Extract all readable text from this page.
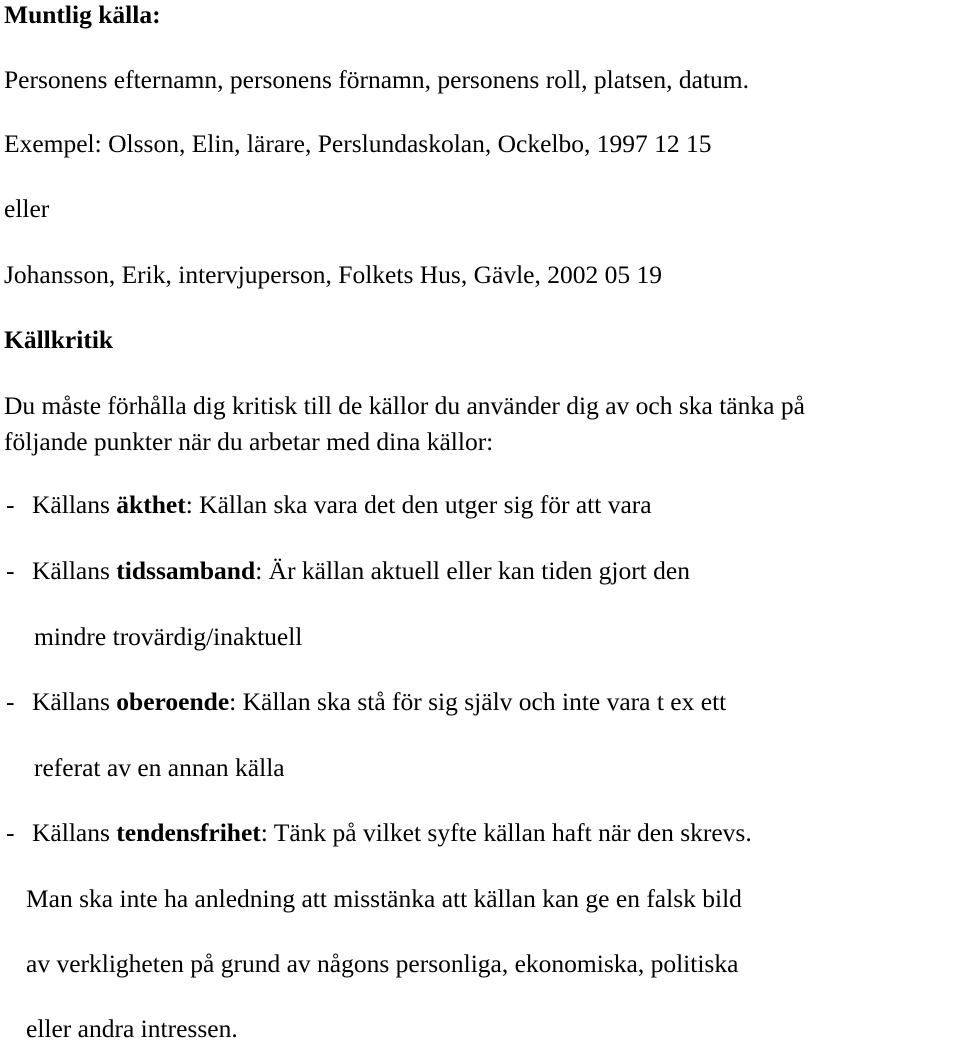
Muntlig källa:
Personens efternamn, personens förnamn, personens roll, platsen, datum.
Exempel: Olsson, Elin, lärare, Perslundaskolan, Ockelbo, 1997 12 15
eller
Johansson, Erik, intervjuperson, Folkets Hus, Gävle, 2002 05 19
Källkritik
Du måste förhålla dig kritisk till de källor du använder dig av och ska tänka på
följande punkter när du arbetar med dina källor:
- Källans äkthet: Källan ska vara det den utger sig för att vara
- Källans tidssamband: Är källan aktuell eller kan tiden gjort den
mindre trovärdig/inaktuell
- Källans oberoende: Källan ska stå för sig själv och inte vara t ex ett
referat av en annan källa
- Källans tendensfrihet: Tänk på vilket syfte källan haft när den skrevs.
Man ska inte ha anledning att misstänka att källan kan ge en falsk bild
av verkligheten på grund av någons personliga, ekonomiska, politiska
eller andra intressen.
